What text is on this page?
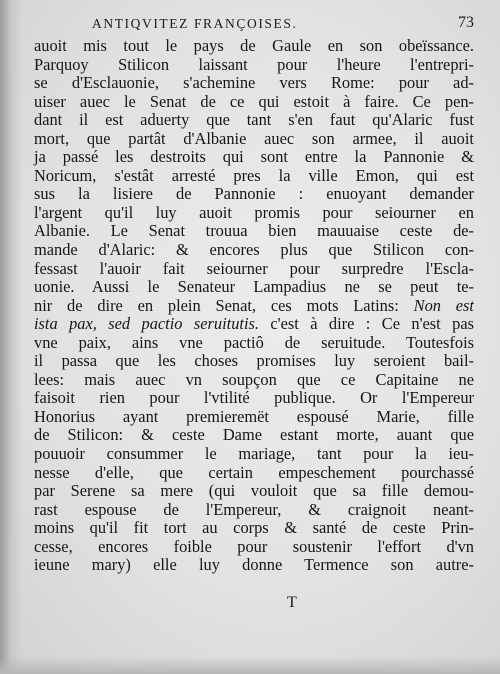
ANTIQVITEZ FRANÇOISES.	73
auoit mis tout le pays de Gaule en son obeïssance.
Parquoy Stilicon laissant pour l'heure l'entrepri-
se d'Esclauonie, s'achemine vers Rome: pour ad-
uiser auec le Senat de ce qui estoit à faire. Ce pen-
dant il est aduerty que tant s'en faut qu'Alaric fust
mort, que partât d'Albanie auec son armee, il auoit
ja passé les destroits qui sont entre la Pannonie &
Noricum, s'estât arresté pres la ville Emon, qui est
sus la lisiere de Pannonie : enuoyant demander
l'argent qu'il luy auoit promis pour seiourner en
Albanie. Le Senat trouua bien mauuaise ceste de-
mande d'Alaric: & encores plus que Stilicon con-
fessast l'auoir fait seiourner pour surpredre l'Escla-
uonie. Aussi le Senateur Lampadius ne se peut te-
nir de dire en plein Senat, ces mots Latins: Non est
ista pax, sed pactio seruitutis. c'est à dire : Ce n'est pas
vne paix, ains vne pactiô de seruitude. Toutesfois
il passa que les choses promises luy seroient bail-
lees: mais auec vn soupçon que ce Capitaine ne
faisoit rien pour l'vtilité publique. Or l'Empereur
Honorius ayant premieremët espousé Marie, fille
de Stilicon: & ceste Dame estant morte, auant que
pouuoir consummer le mariage, tant pour la ieu-
nesse d'elle, que certain empeschement pourchassé
par Serene sa mere (qui vouloit que sa fille demou-
rast espouse de l'Empereur, & craignoit neant-
moins qu'il fit tort au corps & santé de ceste Prin-
cesse, encores foible pour soustenir l'effort d'vn
ieune mary) elle luy donne Termence son autre-
T
